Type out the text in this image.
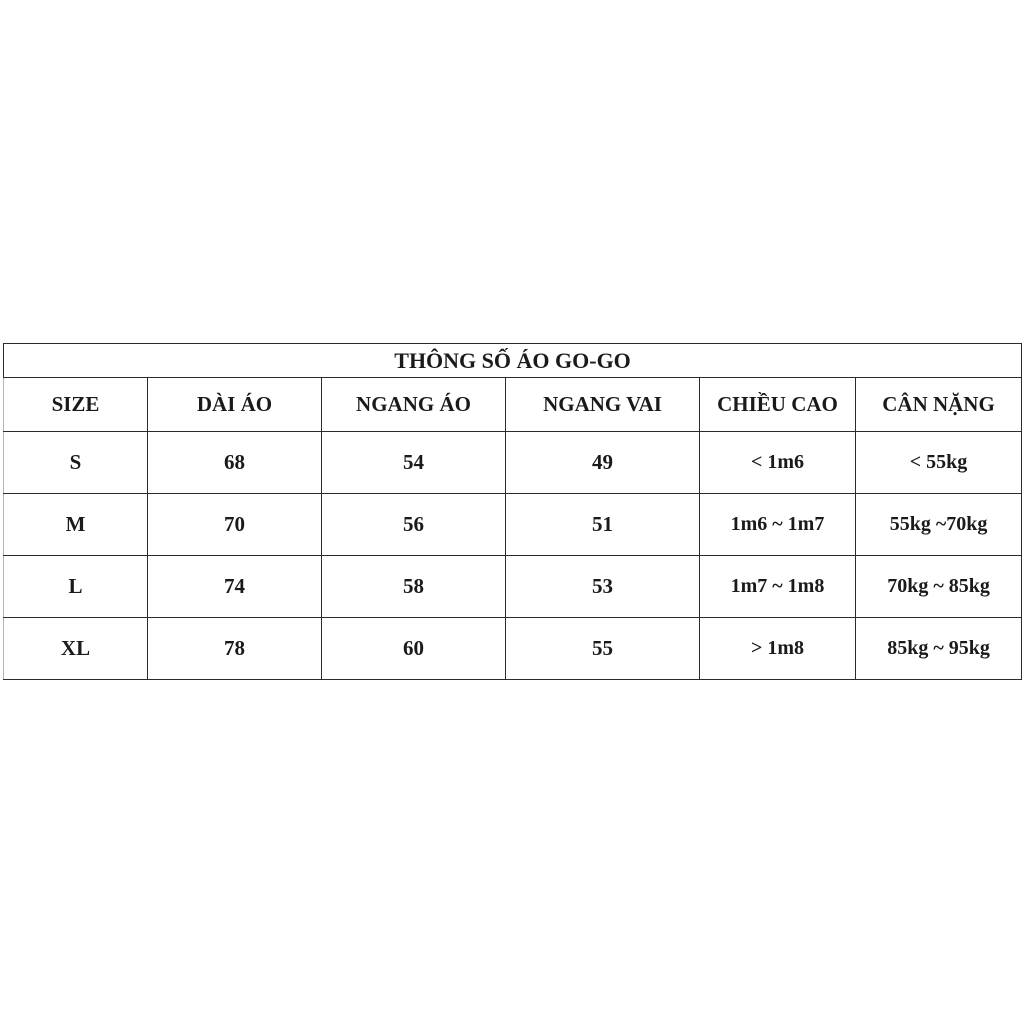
THÔNG SỐ ÁO GO-GO					
SIZE	DÀI ÁO	NGANG ÁO	NGANG VAI	CHIỀU CAO	CÂN NẶNG
S	68	54	49	< 1m6	< 55kg
M	70	56	51	1m6 ~ 1m7	55kg ~70kg
L	74	58	53	1m7 ~ 1m8	70kg ~ 85kg
XL	78	60	55	> 1m8	85kg ~ 95kg
